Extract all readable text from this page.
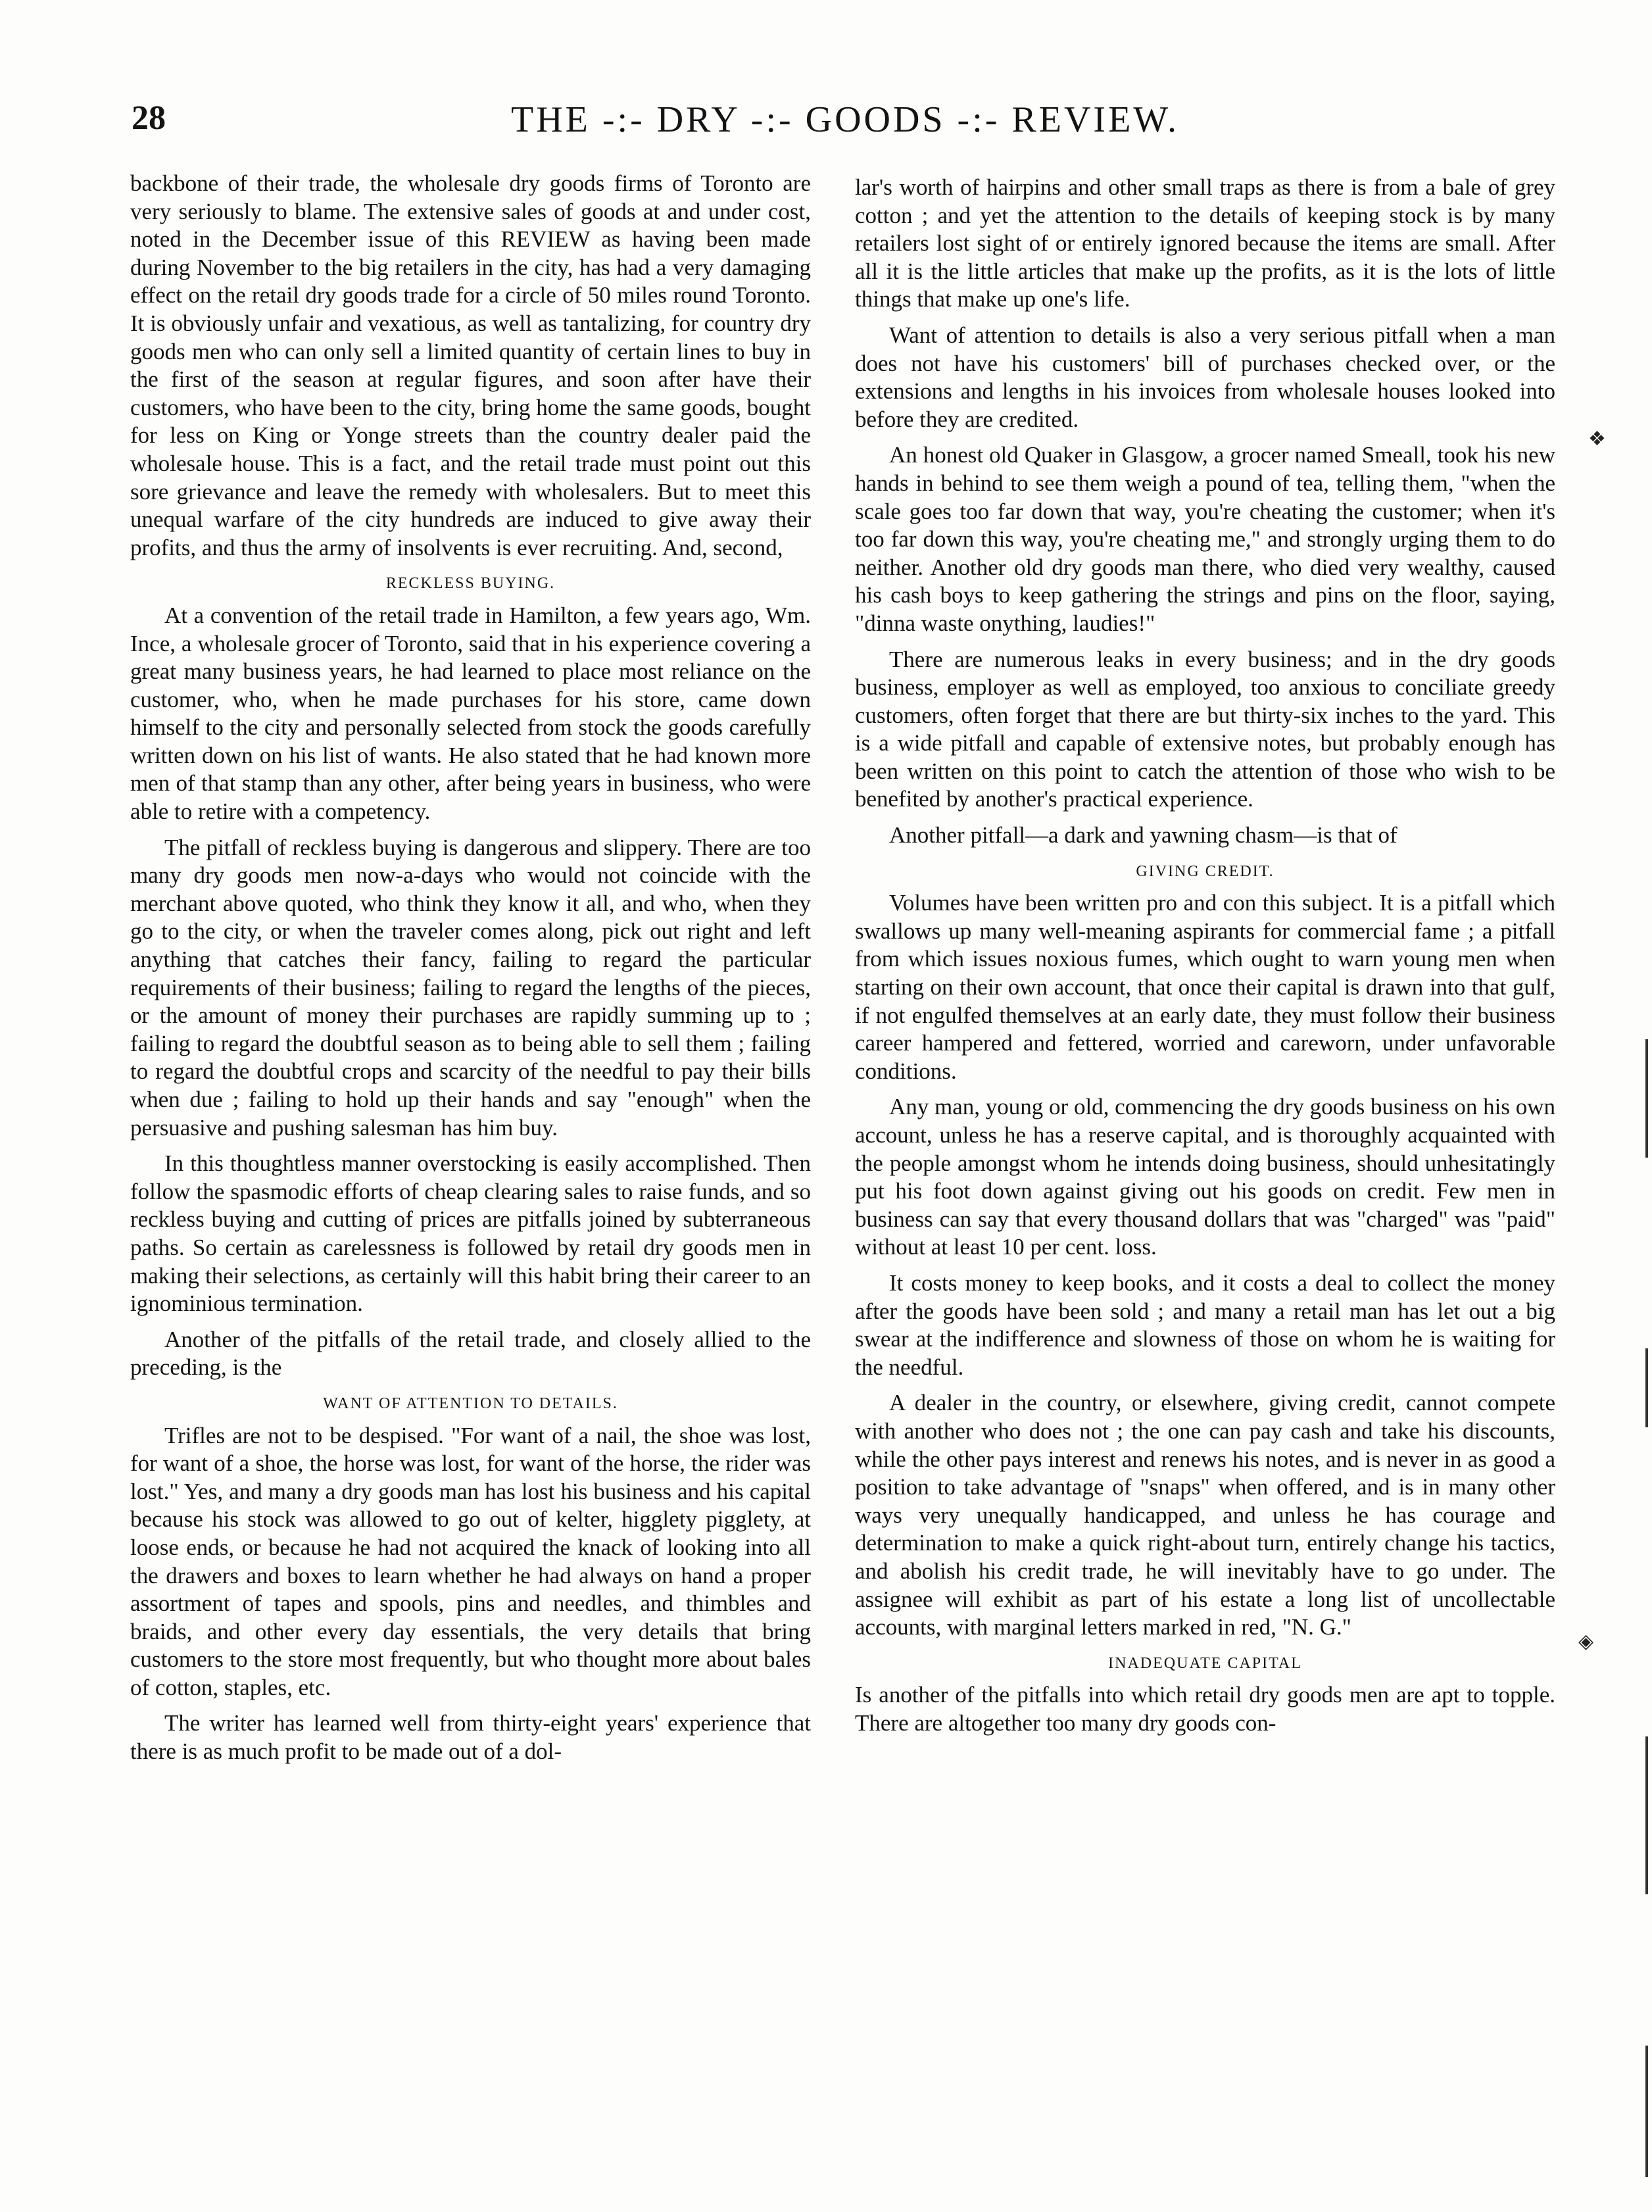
28	THE -:- DRY -:- GOODS -:- REVIEW.

backbone of their trade, the wholesale dry goods firms of Toronto are very seriously to blame. The extensive sales of goods at and under cost, noted in the December issue of this REVIEW as having been made during November to the big retailers in the city, has had a very damaging effect on the retail dry goods trade for a circle of 50 miles round Toronto. It is obviously unfair and vexatious, as well as tantalizing, for country dry goods men who can only sell a limited quantity of certain lines to buy in the first of the season at regular figures, and soon after have their customers, who have been to the city, bring home the same goods, bought for less on King or Yonge streets than the country dealer paid the wholesale house. This is a fact, and the retail trade must point out this sore grievance and leave the remedy with wholesalers. But to meet this unequal warfare of the city hundreds are induced to give away their profits, and thus the army of insolvents is ever recruiting. And, second,

RECKLESS BUYING.

At a convention of the retail trade in Hamilton, a few years ago, Wm. Ince, a wholesale grocer of Toronto, said that in his experience covering a great many business years, he had learned to place most reliance on the customer, who, when he made purchases for his store, came down himself to the city and personally selected from stock the goods carefully written down on his list of wants. He also stated that he had known more men of that stamp than any other, after being years in business, who were able to retire with a competency.

The pitfall of reckless buying is dangerous and slippery. There are too many dry goods men now-a-days who would not coincide with the merchant above quoted, who think they know it all, and who, when they go to the city, or when the traveler comes along, pick out right and left anything that catches their fancy, failing to regard the particular requirements of their business; failing to regard the lengths of the pieces, or the amount of money their purchases are rapidly summing up to ; failing to regard the doubtful season as to being able to sell them ; failing to regard the doubtful crops and scarcity of the needful to pay their bills when due ; failing to hold up their hands and say "enough" when the persuasive and pushing salesman has him buy.

In this thoughtless manner overstocking is easily accomplished. Then follow the spasmodic efforts of cheap clearing sales to raise funds, and so reckless buying and cutting of prices are pitfalls joined by subterraneous paths. So certain as carelessness is followed by retail dry goods men in making their selections, as certainly will this habit bring their career to an ignominious termination.

Another of the pitfalls of the retail trade, and closely allied to the preceding, is the

WANT OF ATTENTION TO DETAILS.

Trifles are not to be despised. "For want of a nail, the shoe was lost, for want of a shoe, the horse was lost, for want of the horse, the rider was lost." Yes, and many a dry goods man has lost his business and his capital because his stock was allowed to go out of kelter, higglety pigglety, at loose ends, or because he had not acquired the knack of looking into all the drawers and boxes to learn whether he had always on hand a proper assortment of tapes and spools, pins and needles, and thimbles and braids, and other every day essentials, the very details that bring customers to the store most frequently, but who thought more about bales of cotton, staples, etc.

The writer has learned well from thirty-eight years' experience that there is as much profit to be made out of a dol-

lar's worth of hairpins and other small traps as there is from a bale of grey cotton ; and yet the attention to the details of keeping stock is by many retailers lost sight of or entirely ignored because the items are small. After all it is the little articles that make up the profits, as it is the lots of little things that make up one's life.

Want of attention to details is also a very serious pitfall when a man does not have his customers' bill of purchases checked over, or the extensions and lengths in his invoices from wholesale houses looked into before they are credited.

An honest old Quaker in Glasgow, a grocer named Smeall, took his new hands in behind to see them weigh a pound of tea, telling them, "when the scale goes too far down that way, you're cheating the customer; when it's too far down this way, you're cheating me," and strongly urging them to do neither. Another old dry goods man there, who died very wealthy, caused his cash boys to keep gathering the strings and pins on the floor, saying, "dinna waste onything, laudies!"

There are numerous leaks in every business; and in the dry goods business, employer as well as employed, too anxious to conciliate greedy customers, often forget that there are but thirty-six inches to the yard. This is a wide pitfall and capable of extensive notes, but probably enough has been written on this point to catch the attention of those who wish to be benefited by another's practical experience.

Another pitfall—a dark and yawning chasm—is that of

GIVING CREDIT.

Volumes have been written pro and con this subject. It is a pitfall which swallows up many well-meaning aspirants for commercial fame ; a pitfall from which issues noxious fumes, which ought to warn young men when starting on their own account, that once their capital is drawn into that gulf, if not engulfed themselves at an early date, they must follow their business career hampered and fettered, worried and careworn, under unfavorable conditions.

Any man, young or old, commencing the dry goods business on his own account, unless he has a reserve capital, and is thoroughly acquainted with the people amongst whom he intends doing business, should unhesitatingly put his foot down against giving out his goods on credit. Few men in business can say that every thousand dollars that was "charged" was "paid" without at least 10 per cent. loss.

It costs money to keep books, and it costs a deal to collect the money after the goods have been sold ; and many a retail man has let out a big swear at the indifference and slowness of those on whom he is waiting for the needful.

A dealer in the country, or elsewhere, giving credit, cannot compete with another who does not ; the one can pay cash and take his discounts, while the other pays interest and renews his notes, and is never in as good a position to take advantage of "snaps" when offered, and is in many other ways very unequally handicapped, and unless he has courage and determination to make a quick right-about turn, entirely change his tactics, and abolish his credit trade, he will inevitably have to go under. The assignee will exhibit as part of his estate a long list of uncollectable accounts, with marginal letters marked in red, "N. G."

INADEQUATE CAPITAL

Is another of the pitfalls into which retail dry goods men are apt to topple. There are altogether too many dry goods con-

❖
◈
